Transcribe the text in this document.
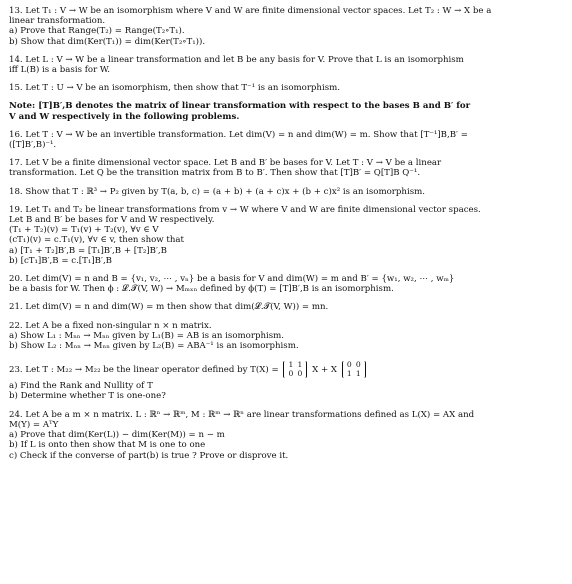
13. Let T₁ : V → W be an isomorphism where V and W are finite dimensional vector spaces. Let T₂ : W → X be a
linear transformation.
a) Prove that Range(T₂) = Range(T₂∘T₁).
b) Show that dim(Ker(T₁)) = dim(Ker(T₂∘T₁)).
14. Let L : V → W be a linear transformation and let B be any basis for V. Prove that L is an isomorphism
iff L(B) is a basis for W.
15. Let T : U → V be an isomorphism, then show that T⁻¹ is an isomorphism.
Note: [T]B′,B denotes the matrix of linear transformation with respect to the bases B and B′ for
V and W respectively in the following problems.
16. Let T : V → W be an invertible transformation. Let dim(V) = n and dim(W) = m. Show that [T⁻¹]B,B′ =
([T]B′,B)⁻¹.
17. Let V be a finite dimensional vector space. Let B and B′ be bases for V. Let T : V → V be a linear
transformation. Let Q be the transition matrix from B to B′. Then show that [T]B′ = Q[T]B Q⁻¹.
18. Show that T : ℝ³ → P₂ given by T(a, b, c) = (a + b) + (a + c)x + (b + c)x² is an isomorphism.
19. Let T₁ and T₂ be linear transformations from v → W where V and W are finite dimensional vector spaces.
Let B and B′ be bases for V and W respectively.
(T₁ + T₂)(v) = T₁(v) + T₂(v), ∀v ∈ V
(cT₁)(v) = c.T₁(v), ∀v ∈ v, then show that
a) [T₁ + T₂]B′,B = [T₁]B′,B + [T₂]B′,B
b) [cT₁]B′,B = c.[T₁]B′,B
20. Let dim(V) = n and B = {v₁, v₂, ⋯ , vₙ} be a basis for V and dim(W) = m and B′ = {w₁, w₂, ⋯ , wₘ}
be a basis for W. Then ϕ : 𝓛.𝓣(V, W) → Mₘₓₙ defined by ϕ(T) = [T]B′,B is an isomorphism.
21. Let dim(V) = n and dim(W) = m then show that dim(𝓛.𝓣(V, W)) = mn.
22. Let A be a fixed non-singular n × n matrix.
a) Show L₁ : Mₙₙ → Mₙₙ given by L₁(B) = AB is an isomorphism.
b) Show L₂ : Mₙₙ → Mₙₙ given by L₂(B) = ABA⁻¹ is an isomorphism.
23. Let T : M₂₂ → M₂₂ be the linear operator defined by T(X) =
1 1
0 0 X + X
0 0
1 1
a) Find the Rank and Nullity of T
b) Determine whether T is one-one?
24. Let A be a m × n matrix. L : ℝⁿ → ℝᵐ, M : ℝᵐ → ℝⁿ are linear transformations defined as L(X) = AX and
M(Y) = AᵀY
a) Prove that dim(Ker(L)) − dim(Ker(M)) = n − m
b) If L is onto then show that M is one to one
c) Check if the converse of part(b) is true ? Prove or disprove it.
